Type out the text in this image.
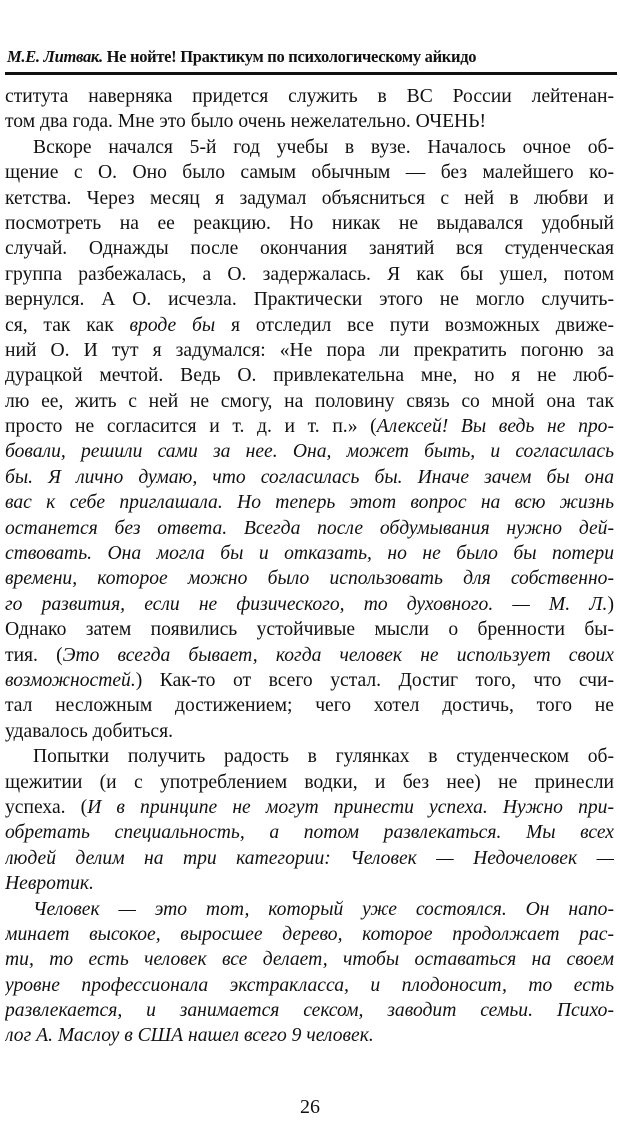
М.Е. Литвак. Не нойте! Практикум по психологическому айкидо
ститута наверняка придется служить в ВС России лейтенан-
том два года. Мне это было очень нежелательно. ОЧЕНЬ!
Вскоре начался 5-й год учебы в вузе. Началось очное об-
щение с О. Оно было самым обычным — без малейшего ко-
кетства. Через месяц я задумал объясниться с ней в любви и
посмотреть на ее реакцию. Но никак не выдавался удобный
случай. Однажды после окончания занятий вся студенческая
группа разбежалась, а О. задержалась. Я как бы ушел, потом
вернулся. А О. исчезла. Практически этого не могло случить-
ся, так как вроде бы я отследил все пути возможных движе-
ний О. И тут я задумался: «Не пора ли прекратить погоню за
дурацкой мечтой. Ведь О. привлекательна мне, но я не люб-
лю ее, жить с ней не смогу, на половину связь со мной она так
просто не согласится и т. д. и т. п.» (Алексей! Вы ведь не про-
бовали, решили сами за нее. Она, может быть, и согласилась
бы. Я лично думаю, что согласилась бы. Иначе зачем бы она
вас к себе приглашала. Но теперь этот вопрос на всю жизнь
останется без ответа. Всегда после обдумывания нужно дей-
ствовать. Она могла бы и отказать, но не было бы потери
времени, которое можно было использовать для собственно-
го развития, если не физического, то духовного. — М. Л.)
Однако затем появились устойчивые мысли о бренности бы-
тия. (Это всегда бывает, когда человек не использует своих
возможностей.) Как-то от всего устал. Достиг того, что счи-
тал несложным достижением; чего хотел достичь, того не
удавалось добиться.
Попытки получить радость в гулянках в студенческом об-
щежитии (и с употреблением водки, и без нее) не принесли
успеха. (И в принципе не могут принести успеха. Нужно при-
обретать специальность, а потом развлекаться. Мы всех
людей делим на три категории: Человек — Недочеловек —
Невротик.
Человек — это тот, который уже состоялся. Он напо-
минает высокое, выросшее дерево, которое продолжает рас-
ти, то есть человек все делает, чтобы оставаться на своем
уровне профессионала экстракласса, и плодоносит, то есть
развлекается, и занимается сексом, заводит семьи. Психо-
лог А. Маслоу в США нашел всего 9 человек.
26
